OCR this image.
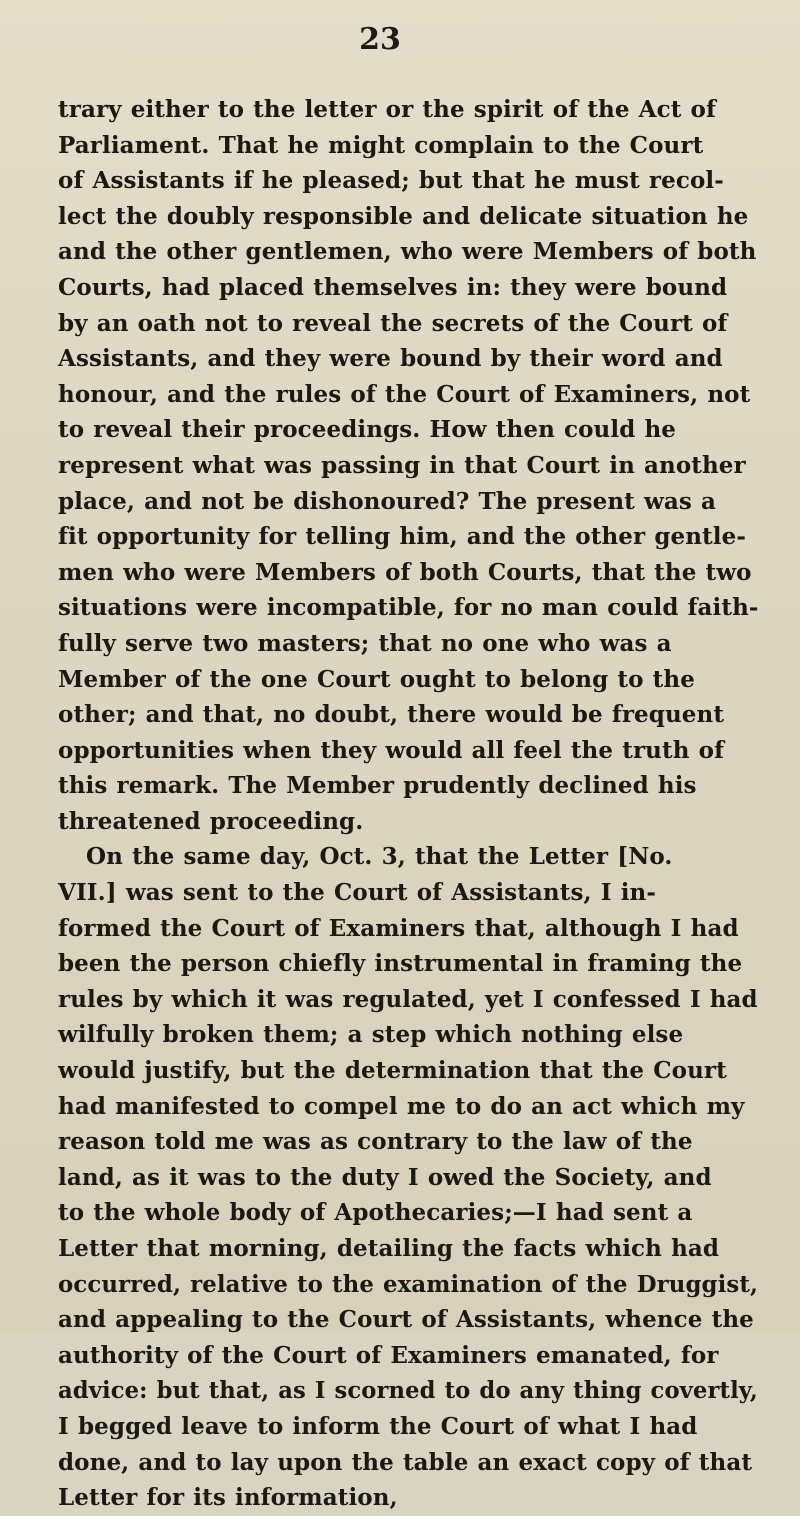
23
trary either to the letter or the spirit of the Act of
Parliament. That he might complain to the Court
of Assistants if he pleased; but that he must recol-
lect the doubly responsible and delicate situation he
and the other gentlemen, who were Members of both
Courts, had placed themselves in: they were bound
by an oath not to reveal the secrets of the Court of
Assistants, and they were bound by their word and
honour, and the rules of the Court of Examiners, not
to reveal their proceedings. How then could he
represent what was passing in that Court in another
place, and not be dishonoured? The present was a
fit opportunity for telling him, and the other gentle-
men who were Members of both Courts, that the two
situations were incompatible, for no man could faith-
fully serve two masters; that no one who was a
Member of the one Court ought to belong to the
other; and that, no doubt, there would be frequent
opportunities when they would all feel the truth of
this remark. The Member prudently declined his
threatened proceeding.
On the same day, Oct. 3, that the Letter [No.
VII.] was sent to the Court of Assistants, I in-
formed the Court of Examiners that, although I had
been the person chiefly instrumental in framing the
rules by which it was regulated, yet I confessed I had
wilfully broken them; a step which nothing else
would justify, but the determination that the Court
had manifested to compel me to do an act which my
reason told me was as contrary to the law of the
land, as it was to the duty I owed the Society, and
to the whole body of Apothecaries;—I had sent a
Letter that morning, detailing the facts which had
occurred, relative to the examination of the Druggist,
and appealing to the Court of Assistants, whence the
authority of the Court of Examiners emanated, for
advice: but that, as I scorned to do any thing covertly,
I begged leave to inform the Court of what I had
done, and to lay upon the table an exact copy of that
Letter for its information,
